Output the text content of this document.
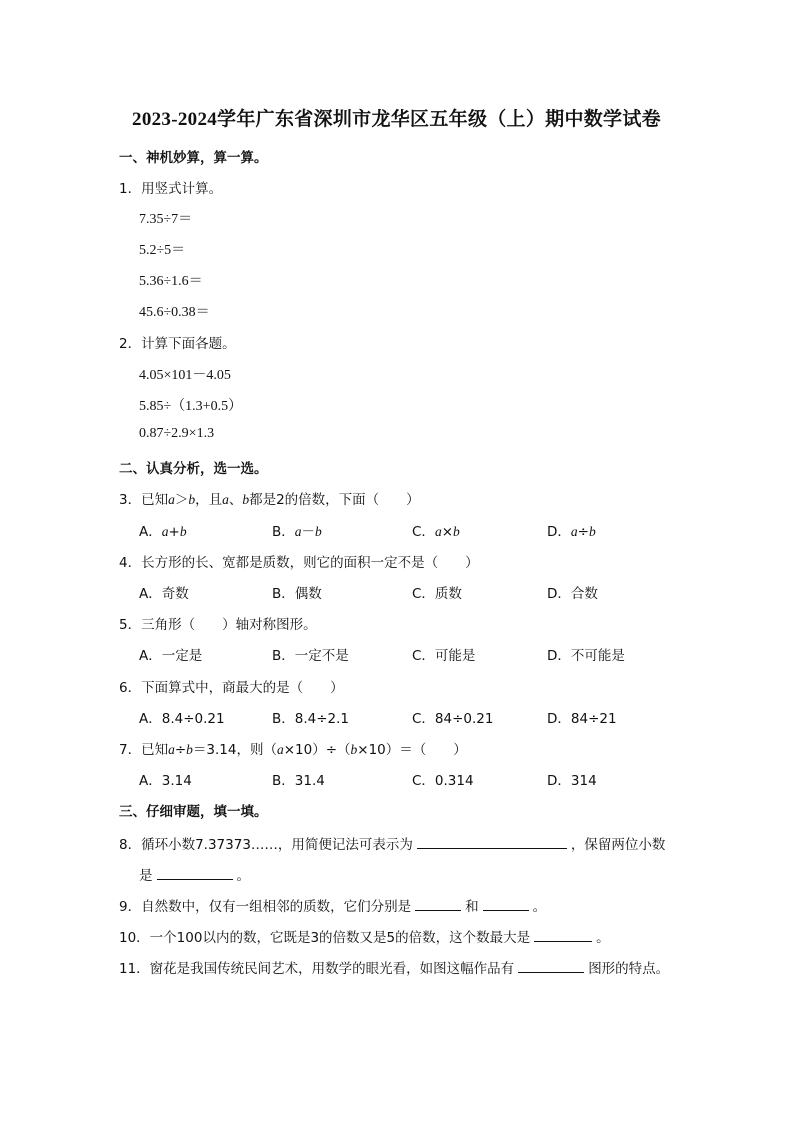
2023-2024学年广东省深圳市龙华区五年级（上）期中数学试卷
一、神机妙算，算一算。
1．用竖式计算。
7.35÷7＝
5.2÷5＝
5.36÷1.6＝
45.6÷0.38＝
2．计算下面各题。
4.05×101－4.05
5.85÷（1.3+0.5）
0.87÷2.9×1.3
二、认真分析，选一选。
3．已知a＞b，且a、b都是2的倍数，下面（　　）
A．a+b	B．a－b	C．a×b	D．a÷b
4．长方形的长、宽都是质数，则它的面积一定不是（　　）
A．奇数	B．偶数	C．质数	D．合数
5．三角形（　　）轴对称图形。
A．一定是	B．一定不是	C．可能是	D．不可能是
6．下面算式中，商最大的是（　　）
A．8.4÷0.21	B．8.4÷2.1	C．84÷0.21	D．84÷21
7．已知a÷b＝3.14，则（a×10）÷（b×10）＝（　　）
A．3.14	B．31.4	C．0.314	D．314
三、仔细审题，填一填。
8．循环小数7.37373……，用简便记法可表示为	，保留两位小数
是	。
9．自然数中，仅有一组相邻的质数，它们分别是	和	。
10．一个100以内的数，它既是3的倍数又是5的倍数，这个数最大是	。
11．窗花是我国传统民间艺术，用数学的眼光看，如图这幅作品有	图形的特点。
